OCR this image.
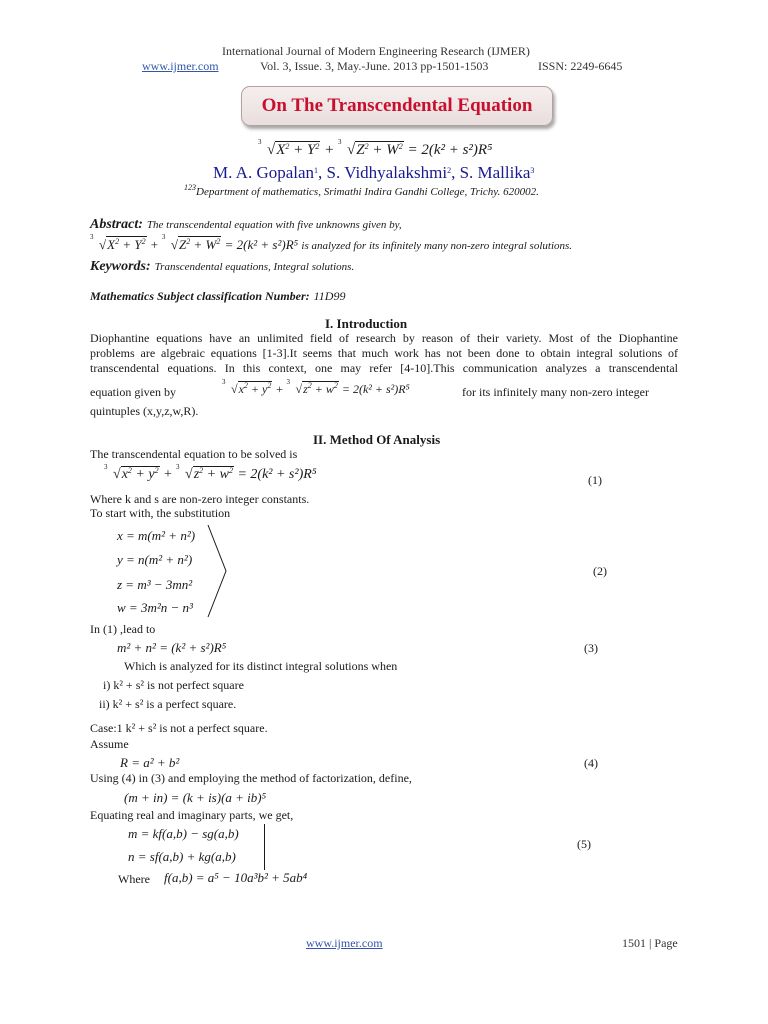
International Journal of Modern Engineering Research (IJMER)
www.ijmer.com	Vol. 3, Issue. 3, May.-June. 2013 pp-1501-1503	ISSN: 2249-6645
On The Transcendental Equation
3 $√X^2 + Y^2 + 3$ $√Z^2 + W^2 = 2(k^2 + s^2)R^5$
M. A. Gopalan$^1$, S. Vidhyalakshmi$^2$, S. Mallika$^3$
$^{123}$Department of mathematics, Srimathi Indira Gandhi College, Trichy. 620002.
Abstract: The transcendental equation with five unknowns given by,
3 $√X^2 + Y^2 + 3$ $√Z^2 + W^2 = 2(k^2 + s^2)R^5$ is analyzed for its infinitely many non-zero integral solutions.
Keywords: Transcendental equations, Integral solutions.
Mathematics Subject classification Number: 11D99
I. Introduction
Diophantine equations have an unlimited field of research by reason of their variety. Most of the Diophantine
problems are algebraic equations [1-3].It seems that much work has not been done to obtain integral solutions of
transcendental equations. In this context, one may refer [4-10].This communication analyzes a transcendental
equation given by
3 $√x^2 + y^2 + 3$ $√z^2 + w^2 = 2(k^2 + s^2)R^5$	for its infinitely many non-zero integer
quintuples (x,y,z,w,R).
II. Method Of Analysis
The transcendental equation to be solved is
3 $√x^2 + y^2 + 3$ $√z^2 + w^2 = 2(k^2 + s^2)R^5$	(1)
Where k and s are non-zero integer constants.
To start with, the substitution
x = m(m² + n²)
y = n(m² + n²)
z = m³ − 3mn²
w = 3m²n − n³
(2)
In (1) ,lead to
m² + n² = (k² + s²)R⁵	(3)
Which is analyzed for its distinct integral solutions when
i) k² + s² is not perfect square
ii) k² + s² is a perfect square.
Case:1 k² + s² is not a perfect square.
Assume
R = a² + b²	(4)
Using (4) in (3) and employing the method of factorization, define,
(m + in) = (k + is)(a + ib)⁵
Equating real and imaginary parts, we get,
m = kf(a,b) − sg(a,b)
n = sf(a,b) + kg(a,b)
(5)
Where f(a,b) = a⁵ − 10a³b² + 5ab⁴
www.ijmer.com	1501 | Page
